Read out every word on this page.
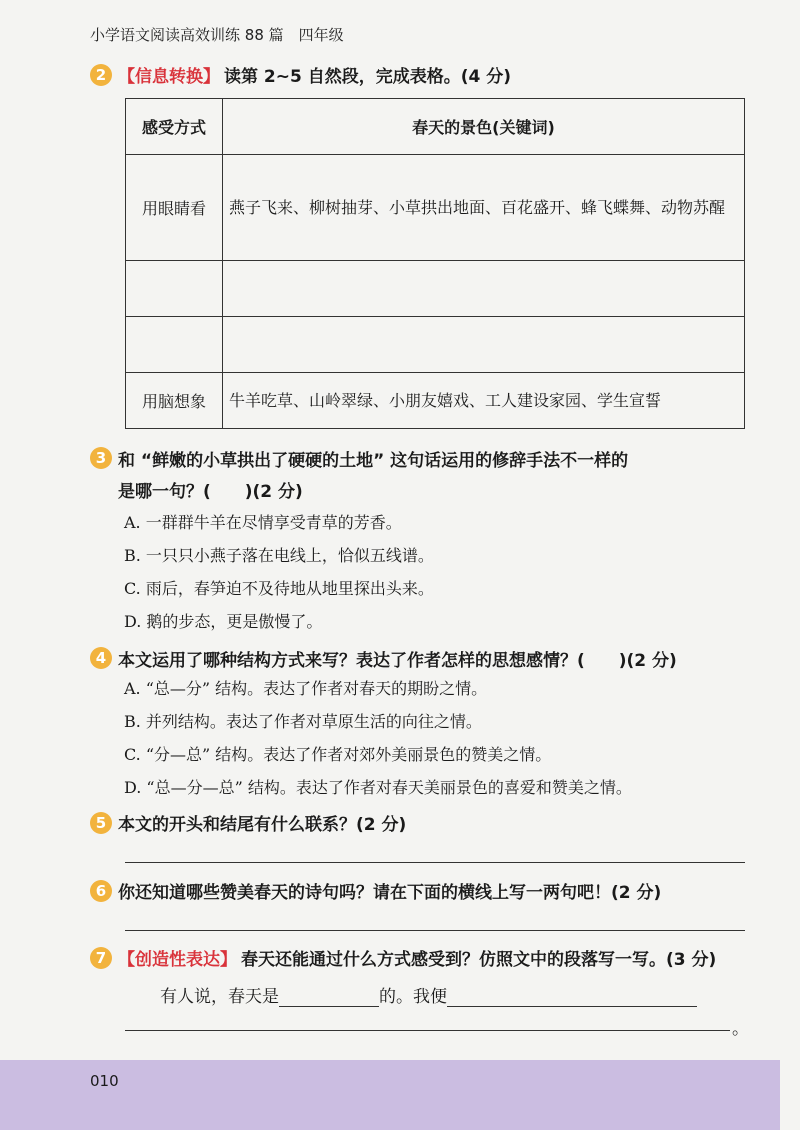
小学语文阅读高效训练 88 篇　四年级
2 【信息转换】 读第 2~5 自然段，完成表格。(4 分)
感受方式	春天的景色(关键词)
用眼睛看	燕子飞来、柳树抽芽、小草拱出地面、百花盛开、蜂飞蝶舞、动物苏醒

用脑想象	牛羊吃草、山岭翠绿、小朋友嬉戏、工人建设家园、学生宣誓
3 和 “鲜嫩的小草拱出了硬硬的土地” 这句话运用的修辞手法不一样的
是哪一句？(　　)(2 分)
A. 一群群牛羊在尽情享受青草的芳香。
B. 一只只小燕子落在电线上，恰似五线谱。
C. 雨后，春笋迫不及待地从地里探出头来。
D. 鹅的步态，更是傲慢了。
4 本文运用了哪种结构方式来写？表达了作者怎样的思想感情？(　　)(2 分)
A. “总—分” 结构。表达了作者对春天的期盼之情。
B. 并列结构。表达了作者对草原生活的向往之情。
C. “分—总” 结构。表达了作者对郊外美丽景色的赞美之情。
D. “总—分—总” 结构。表达了作者对春天美丽景色的喜爱和赞美之情。
5 本文的开头和结尾有什么联系？(2 分)
6 你还知道哪些赞美春天的诗句吗？请在下面的横线上写一两句吧！(2 分)
7 【创造性表达】 春天还能通过什么方式感受到？仿照文中的段落写一写。(3 分)
有人说，春天是	的。我便
。
010
